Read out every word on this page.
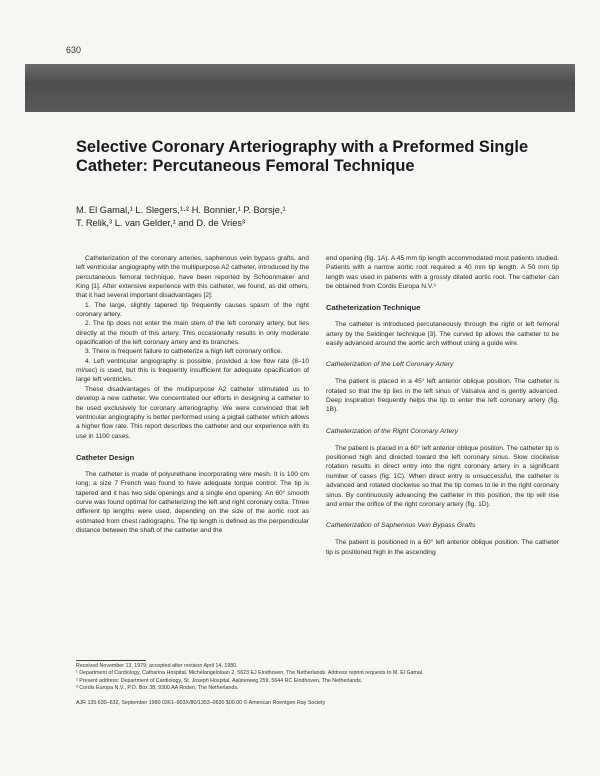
630
Selective Coronary Arteriography with a Preformed Single Catheter: Percutaneous Femoral Technique
M. El Gamal,¹ L. Slegers,¹·² H. Bonnier,¹ P. Borsje,¹
T. Relik,³ L. van Gelder,¹ and D. de Vries³

Catheterization of the coronary arteries, saphenous vein bypass grafts, and left ventricular angiography with the multipurpose A2 catheter, introduced by the percutaneous femoral technique, have been reported by Schoonmaker and King [1]. After extensive experience with this catheter, we found, as did others, that it had several important disadvantages [2]:

1. The large, slightly tapered tip frequently causes spasm of the right coronary artery.

2. The tip does not enter the main stem of the left coronary artery, but lies directly at the mouth of this artery. This occasionally results in only moderate opacification of the left coronary artery and its branches.

3. There is frequent failure to catheterize a high left coronary orifice.

4. Left ventricular angiography is possible, provided a low flow rate (8–10 ml/sec) is used, but this is frequently insufficient for adequate opacification of large left ventricles.

These disadvantages of the multipurpose A2 catheter stimulated us to develop a new catheter. We concentrated our efforts in designing a catheter to be used exclusively for coronary arteriography. We were convinced that left ventricular angiography is better performed using a pigtail catheter which allows a higher flow rate. This report describes the catheter and our experience with its use in 1100 cases.

Catheter Design

The catheter is made of polyurethane incorporating wire mesh. It is 100 cm long; a size 7 French was found to have adequate torque control. The tip is tapered and it has two side openings and a single end opening. An 60° smooth curve was found optimal for catheterizing the left and right coronary ostia. Three different tip lengths were used, depending on the size of the aortic root as estimated from chest radiographs. The tip length is defined as the perpendicular distance between the shaft of the catheter and the

end opening (fig. 1A). A 45 mm tip length accommodated most patients studied. Patients with a narrow aortic root required a 40 mm tip length. A 50 mm tip length was used in patients with a grossly dilated aortic root. The catheter can be obtained from Cordis Europa N.V.³

Catheterization Technique

The catheter is introduced percutaneously through the right or left femoral artery by the Seldinger technique [3]. The curved tip allows the catheter to be easily advanced around the aortic arch without using a guide wire.

Catheterization of the Left Coronary Artery

The patient is placed in a 45° left anterior oblique position. The catheter is rotated so that the tip lies in the left sinus of Valsalva and is gently advanced. Deep inspiration frequently helps the tip to enter the left coronary artery (fig. 1B).

Catheterization of the Right Coronary Artery

The patient is placed in a 60° left anterior oblique position. The catheter tip is positioned high and directed toward the left coronary sinus. Slow clockwise rotation results in direct entry into the right coronary artery in a significant number of cases (fig. 1C). When direct entry is unsuccessful, the catheter is advanced and rotated clockwise so that the tip comes to lie in the right coronary sinus. By continuously advancing the catheter in this position, the tip will rise and enter the orifice of the right coronary artery (fig. 1D).

Catheterization of Saphenous Vein Bypass Grafts

The patient is positioned in a 60° left anterior oblique position. The catheter tip is positioned high in the ascending

Received November 13, 1979; accepted after revision April 14, 1980.
¹ Department of Cardiology, Catharina Hospital, Michelangelolaan 2, 5623 EJ Eindhoven, The Netherlands. Address reprint requests to M. El Gamal.
² Present address: Department of Cardiology, St. Joseph Hospital, Aalsterweg 259, 5644 RC Eindhoven, The Netherlands.
³ Cordis Europa N.V., P.O. Box 38, 9300 AA Roden, The Netherlands.
AJR 135:630–632, September 1980 0361–803X/80/1353–0630 $00.00 © American Roentgen Ray Society
